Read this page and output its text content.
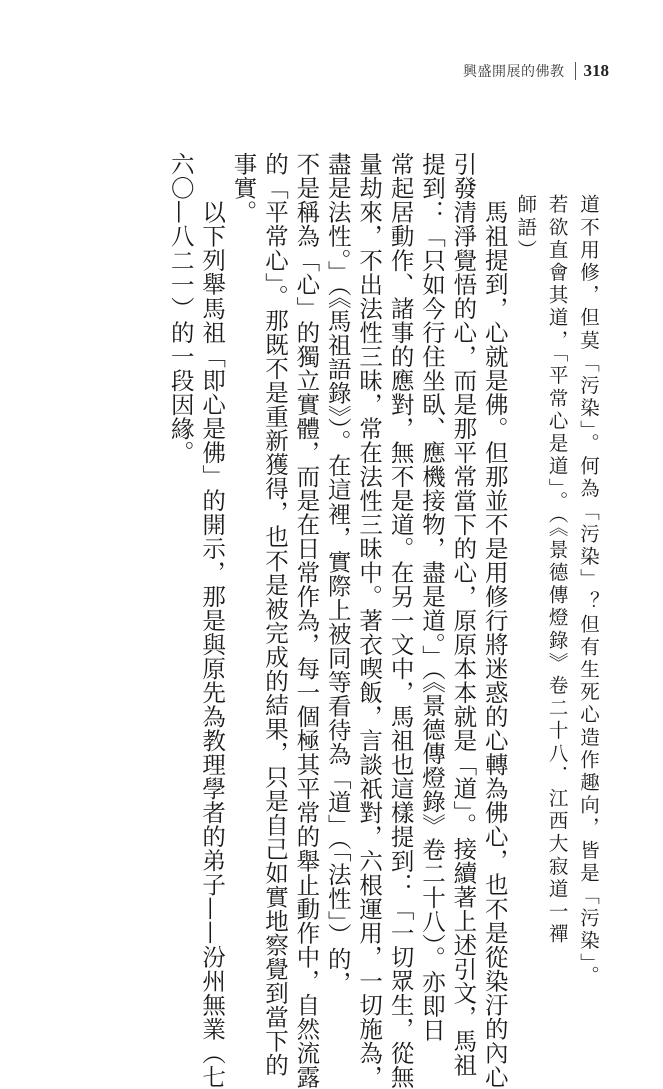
興盛開展的佛教 318

道不用修，但莫「污染」。何為「污染」？但有生死心造作趣向，皆是「污染」。

若欲直會其道，「平常心是道」。（《景德傳燈錄》卷二十八．江西大寂道一禪

師語）

馬祖提到，心就是佛。但那並不是用修行將迷惑的心轉為佛心，也不是從染汙的內心

引發清淨覺悟的心，而是那平常當下的心，原原本本就是「道」。接續著上述引文，馬祖

提到：「只如今行住坐臥、應機接物，盡是道。」（《景德傳燈錄》卷二十八）。亦即日

常起居動作、諸事的應對，無不是道。在另一文中，馬祖也這樣提到：「一切眾生，從無

量劫來，不出法性三昧，常在法性三昧中。著衣喫飯，言談祇對，六根運用，一切施為，

盡是法性。」（《馬祖語錄》）。在這裡，實際上被同等看待為「道」（「法性」）的，

不是稱為「心」的獨立實體，而是在日常作為，每一個極其平常的舉止動作中，自然流露

的「平常心」。那既不是重新獲得，也不是被完成的結果，只是自己如實地察覺到當下的

事實。

以下列舉馬祖「即心是佛」的開示，那是與原先為教理學者的弟子——汾州無業（七

六〇—八二一）的一段因緣。
